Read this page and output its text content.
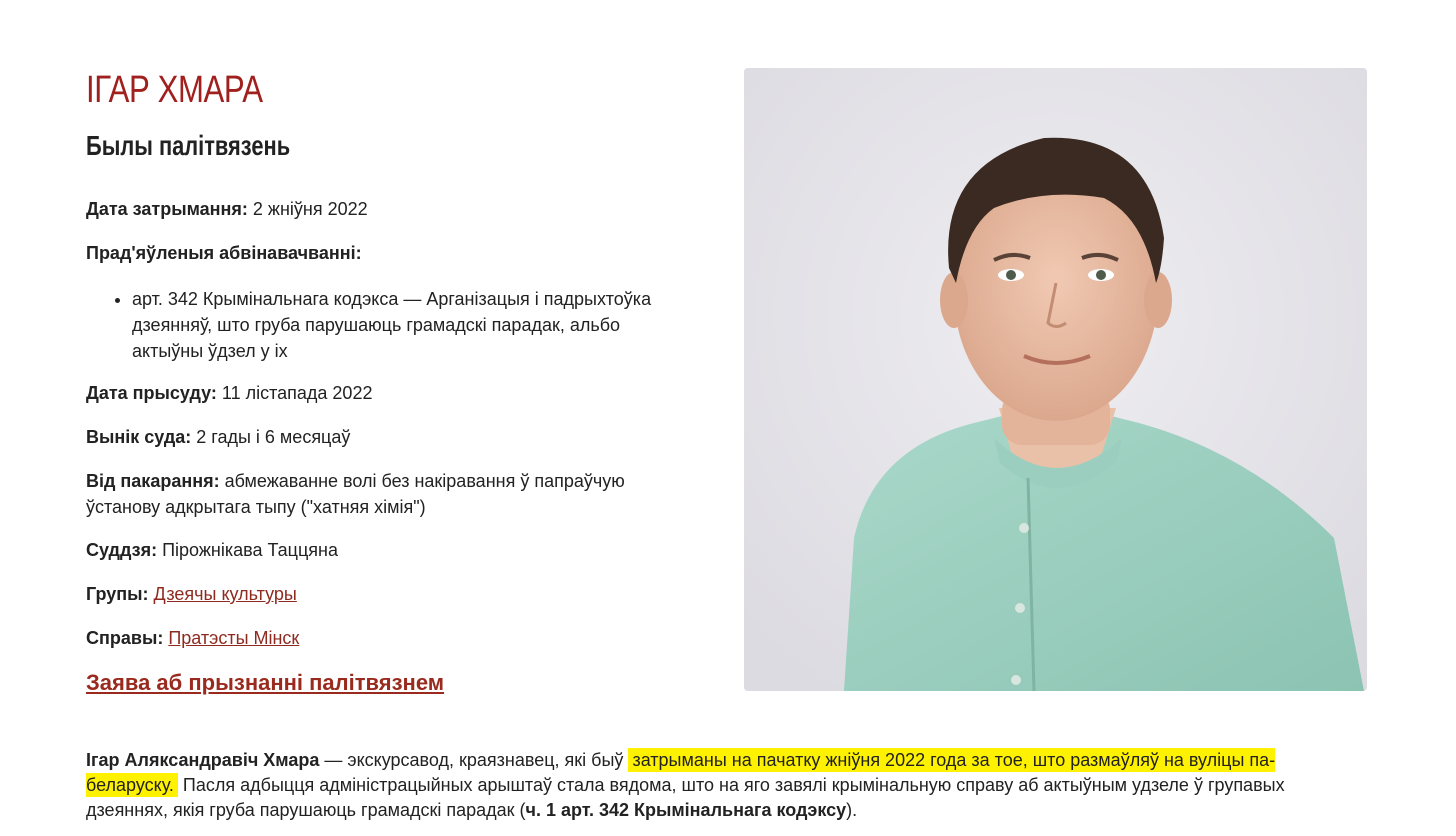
ІГАР ХМАРА
Былы палітвязень

Дата затрымання: 2 жніўня 2022

Прад'яўленыя абвінавачванні:

• арт. 342 Крымінальнага кодэкса — Арганізацыя і падрыхтоўка дзеянняў, што груба парушаюць грамадскі парадак, альбо актыўны ўдзел у іх

Дата прысуду: 11 лістапада 2022

Вынік суда: 2 гады і 6 месяцаў

Від пакарання: абмежаванне волі без накіравання ў папраўчую ўстанову адкрытага тыпу ("хатняя хімія")

Суддзя: Пірожнікава Таццяна

Групы: Дзеячы культуры

Справы: Пратэсты Мінск

Заява аб прызнанні палітвязнем

Ігар Аляксандравіч Хмара — экскурсавод, краязнавец, які быў затрыманы на пачатку жніўня 2022 года за тое, што размаўляў на вуліцы па-беларуску. Пасля адбыцця адміністрацыйных арыштаў стала вядома, што на яго завялі крымінальную справу аб актыўным удзеле ў групавых дзеяннях, якія груба парушаюць грамадскі парадак (ч. 1 арт. 342 Крымінальнага кодэксу).
